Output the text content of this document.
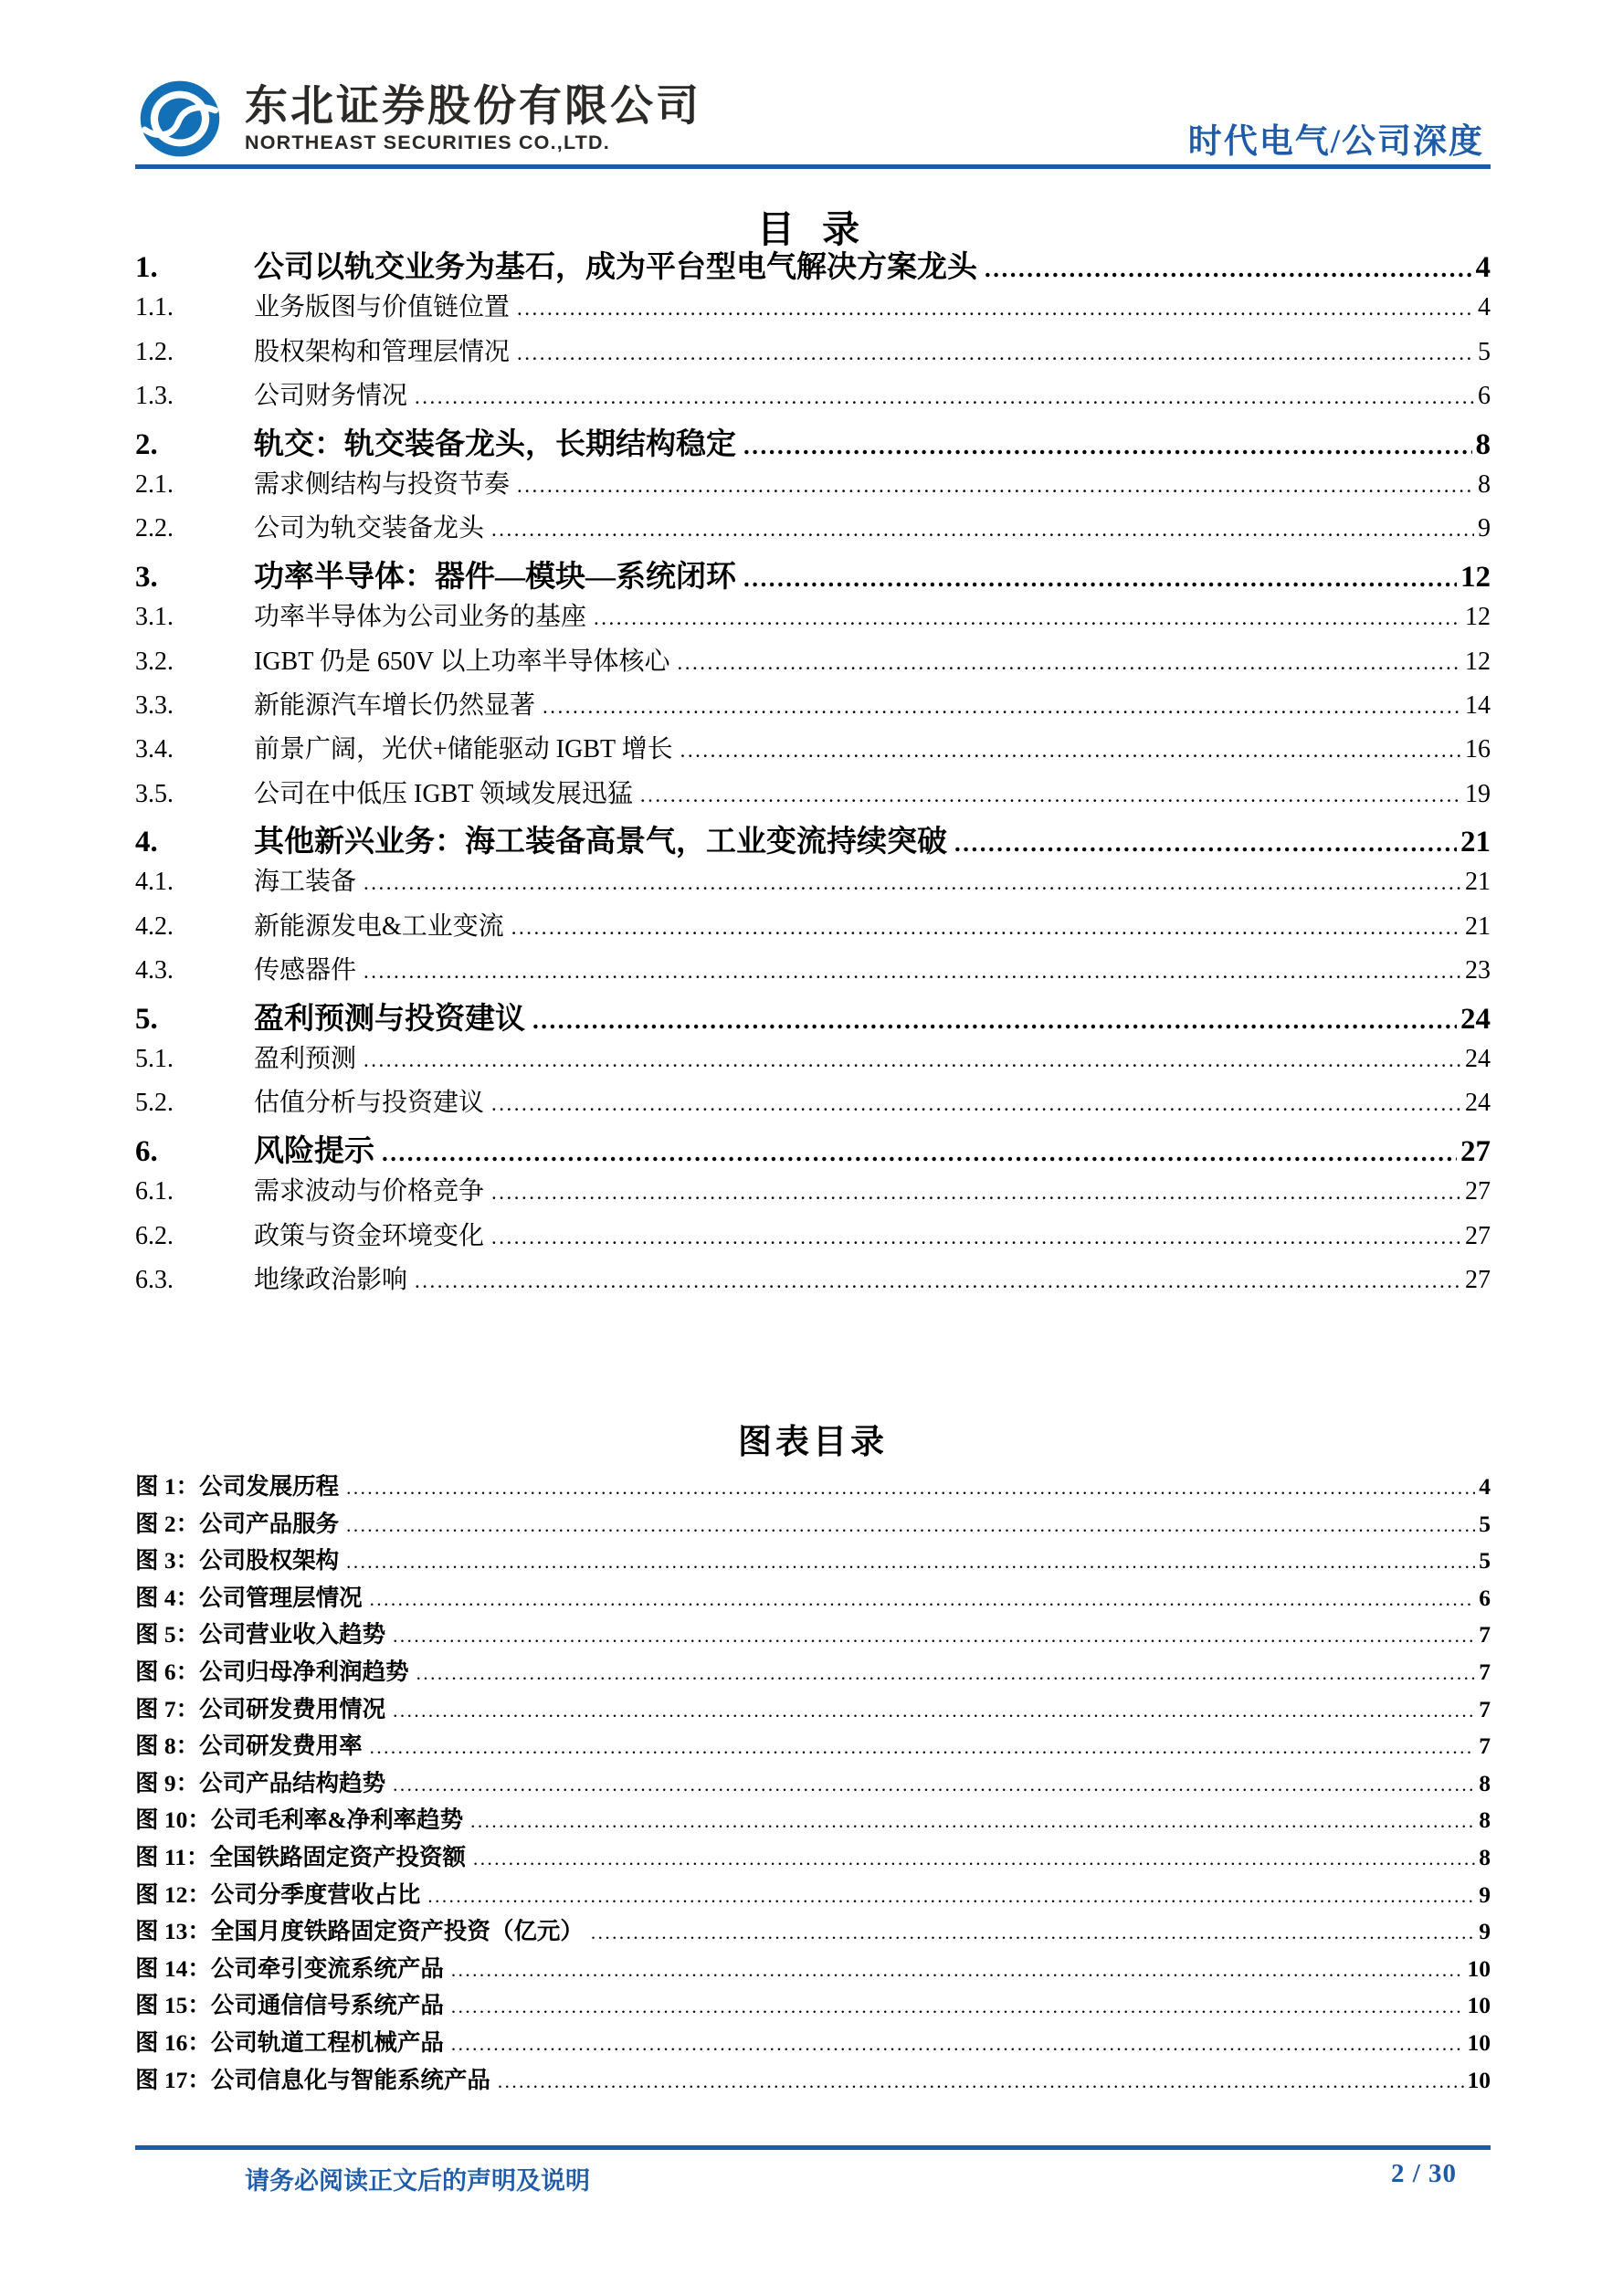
东北证券股份有限公司
NORTHEAST SECURITIES CO.,LTD.	时代电气/公司深度
目 录
1.	公司以轨交业务为基石，成为平台型电气解决方案龙头 .....	4
1.1.	业务版图与价值链位置 .....	4
1.2.	股权架构和管理层情况 .....	5
1.3.	公司财务情况 .....	6
2.	轨交：轨交装备龙头，长期结构稳定 .....	8
2.1.	需求侧结构与投资节奏 .....	8
2.2.	公司为轨交装备龙头 .....	9
3.	功率半导体：器件—模块—系统闭环 .....	12
3.1.	功率半导体为公司业务的基座 .....	12
3.2.	IGBT 仍是 650V 以上功率半导体核心 .....	12
3.3.	新能源汽车增长仍然显著 .....	14
3.4.	前景广阔，光伏+储能驱动 IGBT 增长 .....	16
3.5.	公司在中低压 IGBT 领域发展迅猛 .....	19
4.	其他新兴业务：海工装备高景气，工业变流持续突破 .....	21
4.1.	海工装备 .....	21
4.2.	新能源发电&工业变流 .....	21
4.3.	传感器件 .....	23
5.	盈利预测与投资建议 .....	24
5.1.	盈利预测 .....	24
5.2.	估值分析与投资建议 .....	24
6.	风险提示 .....	27
6.1.	需求波动与价格竞争 .....	27
6.2.	政策与资金环境变化 .....	27
6.3.	地缘政治影响 .....	27
图表目录
图 1：公司发展历程 .....	4
图 2：公司产品服务 .....	5
图 3：公司股权架构 .....	5
图 4：公司管理层情况 .....	6
图 5：公司营业收入趋势 .....	7
图 6：公司归母净利润趋势 .....	7
图 7：公司研发费用情况 .....	7
图 8：公司研发费用率 .....	7
图 9：公司产品结构趋势 .....	8
图 10：公司毛利率&净利率趋势 .....	8
图 11：全国铁路固定资产投资额 .....	8
图 12：公司分季度营收占比 .....	9
图 13：全国月度铁路固定资产投资（亿元） .....	9
图 14：公司牵引变流系统产品 .....	10
图 15：公司通信信号系统产品 .....	10
图 16：公司轨道工程机械产品 .....	10
图 17：公司信息化与智能系统产品 .....	10
请务必阅读正文后的声明及说明	2 / 30
